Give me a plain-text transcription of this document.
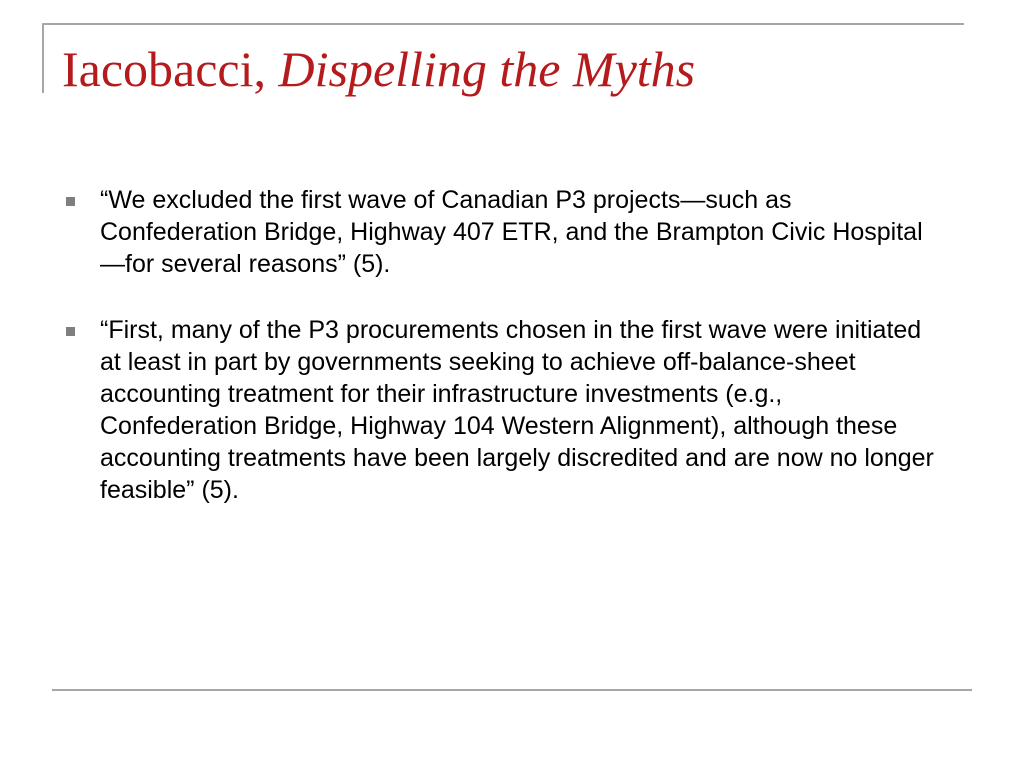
Iacobacci, Dispelling the Myths
“We excluded the first wave of Canadian P3 projects—such as Confederation Bridge, Highway 407 ETR, and the Brampton Civic Hospital—for several reasons” (5).
“First, many of the P3 procurements chosen in the first wave were initiated at least in part by governments seeking to achieve off-balance-sheet accounting treatment for their infrastructure investments (e.g., Confederation Bridge, Highway 104 Western Alignment), although these accounting treatments have been largely discredited and are now no longer feasible” (5).
